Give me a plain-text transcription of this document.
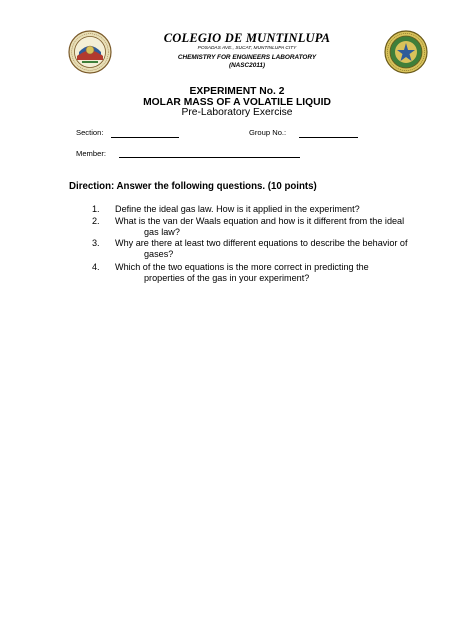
COLEGIO DE MUNTINLUPA
POSADAS AVE., SUCAT, MUNTINLUPA CITY
CHEMISTRY FOR ENGINEERS LABORATORY
(NASC2011)
EXPERIMENT No. 2
MOLAR MASS OF A VOLATILE LIQUID
Pre-Laboratory Exercise
Section:	Group No.:
Member:
Direction: Answer the following questions. (10 points)
1. Define the ideal gas law. How is it applied in the experiment?
2. What is the van der Waals equation and how is it different from the ideal
gas law?
3. Why are there at least two different equations to describe the behavior of
gases?
4. Which of the two equations is the more correct in predicting the
properties of the gas in your experiment?
